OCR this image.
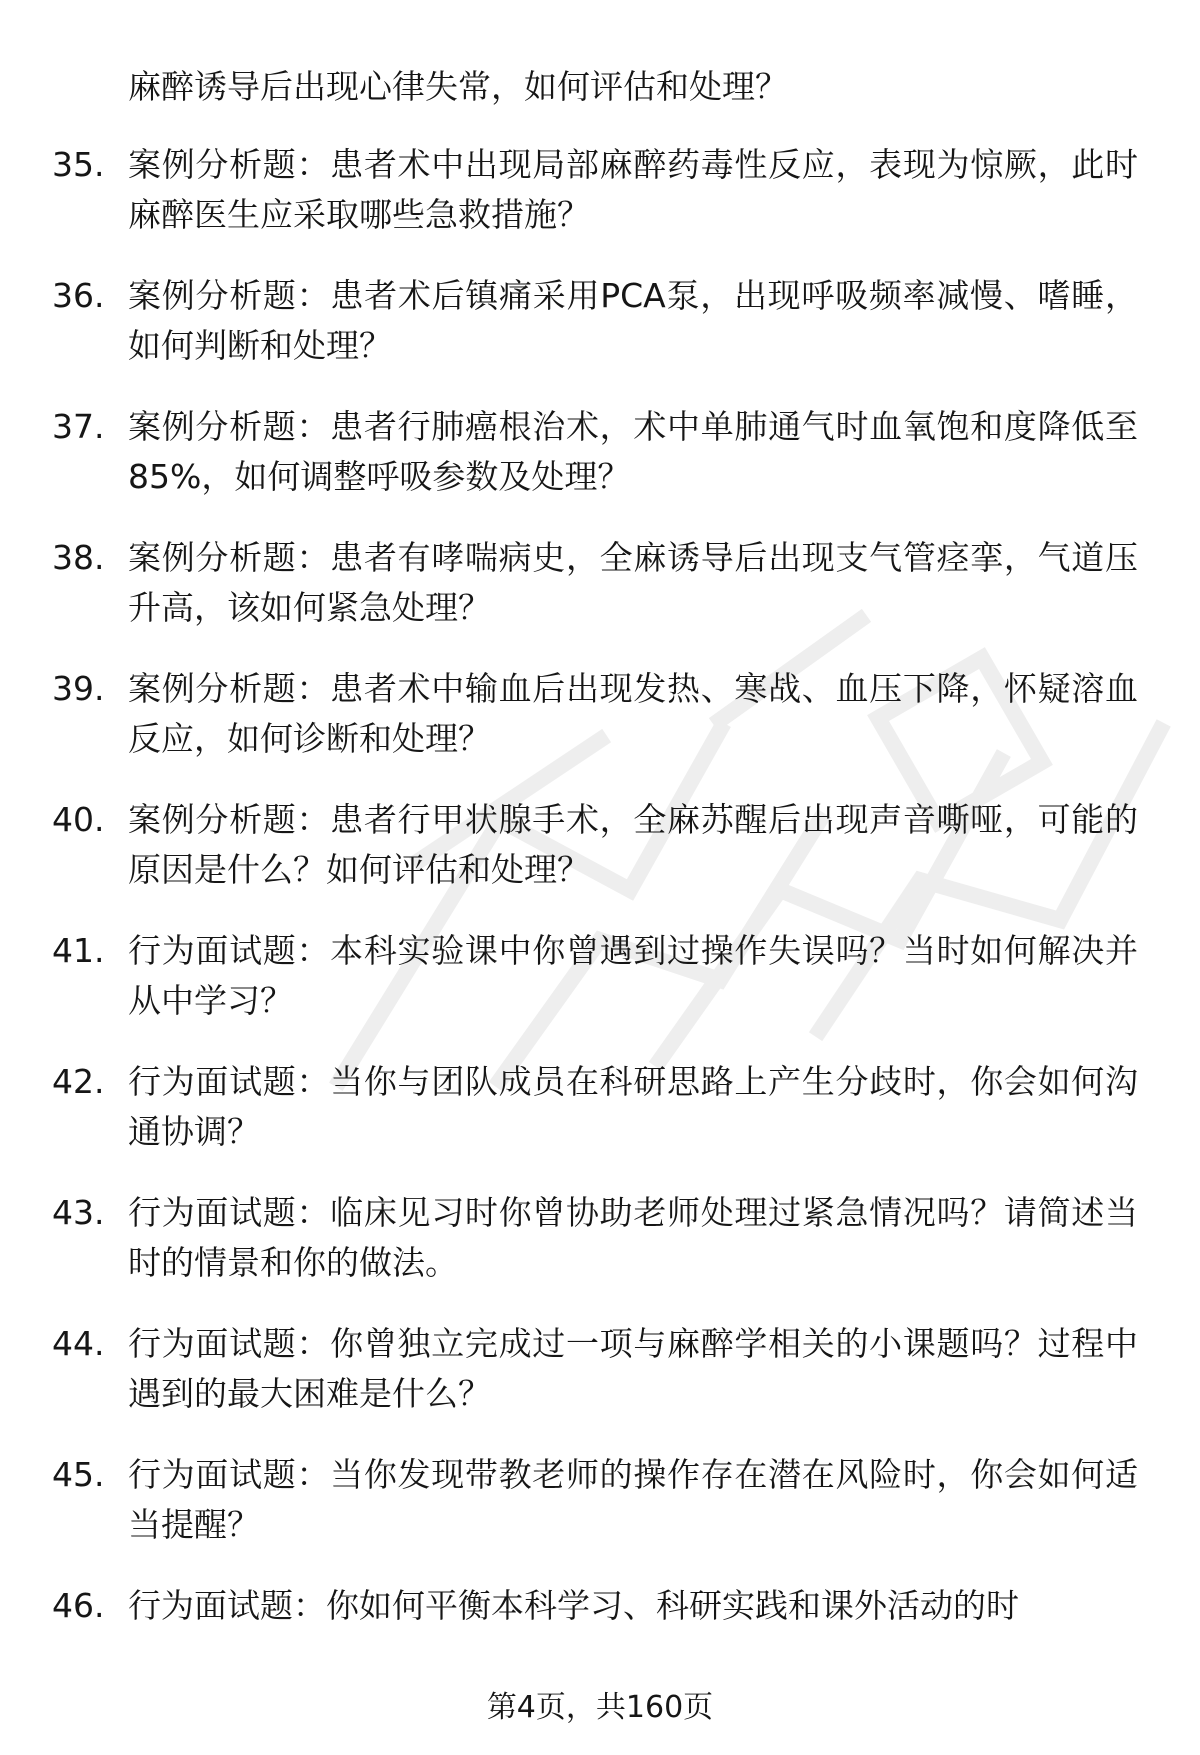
麻醉诱导后出现心律失常，如何评估和处理？
35. 案例分析题：患者术中出现局部麻醉药毒性反应，表现为惊厥，此时麻醉医生应采取哪些急救措施？
36. 案例分析题：患者术后镇痛采用PCA泵，出现呼吸频率减慢、嗜睡，如何判断和处理？
37. 案例分析题：患者行肺癌根治术，术中单肺通气时血氧饱和度降低至85%，如何调整呼吸参数及处理？
38. 案例分析题：患者有哮喘病史，全麻诱导后出现支气管痉挛，气道压升高，该如何紧急处理？
39. 案例分析题：患者术中输血后出现发热、寒战、血压下降，怀疑溶血反应，如何诊断和处理？
40. 案例分析题：患者行甲状腺手术，全麻苏醒后出现声音嘶哑，可能的原因是什么？如何评估和处理？
41. 行为面试题：本科实验课中你曾遇到过操作失误吗？当时如何解决并从中学习？
42. 行为面试题：当你与团队成员在科研思路上产生分歧时，你会如何沟通协调？
43. 行为面试题：临床见习时你曾协助老师处理过紧急情况吗？请简述当时的情景和你的做法。
44. 行为面试题：你曾独立完成过一项与麻醉学相关的小课题吗？过程中遇到的最大困难是什么？
45. 行为面试题：当你发现带教老师的操作存在潜在风险时，你会如何适当提醒？
46. 行为面试题：你如何平衡本科学习、科研实践和课外活动的时
第4页，共160页
